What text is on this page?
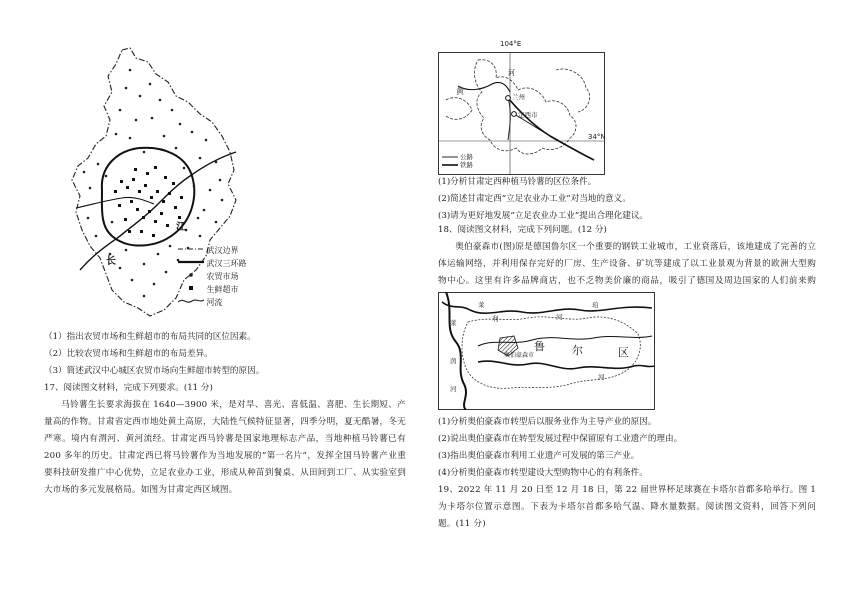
长
江
武汉边界
武汉三环路
农贸市场
生鲜超市
河流
（1）指出农贸市场和生鲜超市的布局共同的区位因素。
（2）比较农贸市场和生鲜超市的布局差异。
（3）简述武汉中心城区农贸市场向生鲜超市转型的原因。
17、阅读图文材料，完成下列要求。(11 分)
马铃薯生长要求海拔在 1640—3900 米，是对旱、喜光、喜低温、喜肥、生长期短、产量高的作物。甘肃省定西市地处黄土高原，大陆性气候特征显著，四季分明，夏无酷暑，冬无严寒。境内有渭河、黄河流经。甘肃定西马铃薯是国家地理标志产品，当地种植马铃薯已有 200 多年的历史。甘肃定西已将马铃薯作为当地发展的“第一名片”，发挥全国马铃薯产业重要科技研发推广中心优势，立足农业办工业，形成从种苗到餐桌、从田间到工厂、从实验室到大市场的多元发展格局。如图为甘肃定西区域图。
104°E
34°N
黄
河
兰州
定西市
公路
铁路
(1)分析甘肃定西种植马铃薯的区位条件。
(2)简述甘肃定西“立足农业办工业”对当地的意义。
(3)请为更好地发展“立足农业办工业”提出合理化建议。
18、阅读图文材料，完成下列问题。(12 分)
奥伯豪森市(图)原是德国鲁尔区一个重要的钢铁工业城市，工业衰落后，该地建成了完善的立体运输网络，并利用保存完好的厂房、生产设备、矿坑等建成了以工业景观为背景的欧洲大型购物中心。这里有许多品牌商店，也不乏物美价廉的商品，吸引了德国及周边国家的人们前来购
莱
利
珀
鲁 尔	区
奥伯豪森市
莱
茵
河
河
河
(1)分析奥伯豪森市转型后以服务业作为主导产业的原因。
(2)说出奥伯豪森市在转型发展过程中保留原有工业遗产的理由。
(3)指出奥伯豪森市利用工业遗产可发展的第三产业。
(4)分析奥伯豪森市转型建设大型购物中心的有利条件。
19、2022 年 11 月 20 日至 12 月 18 日，第 22 届世界杯足球赛在卡塔尔首都多哈举行。图 1 为卡塔尔位置示意图。下表为卡塔尔首都多哈气温、降水量数据。阅读图文资料，回答下列问题。(11 分)
